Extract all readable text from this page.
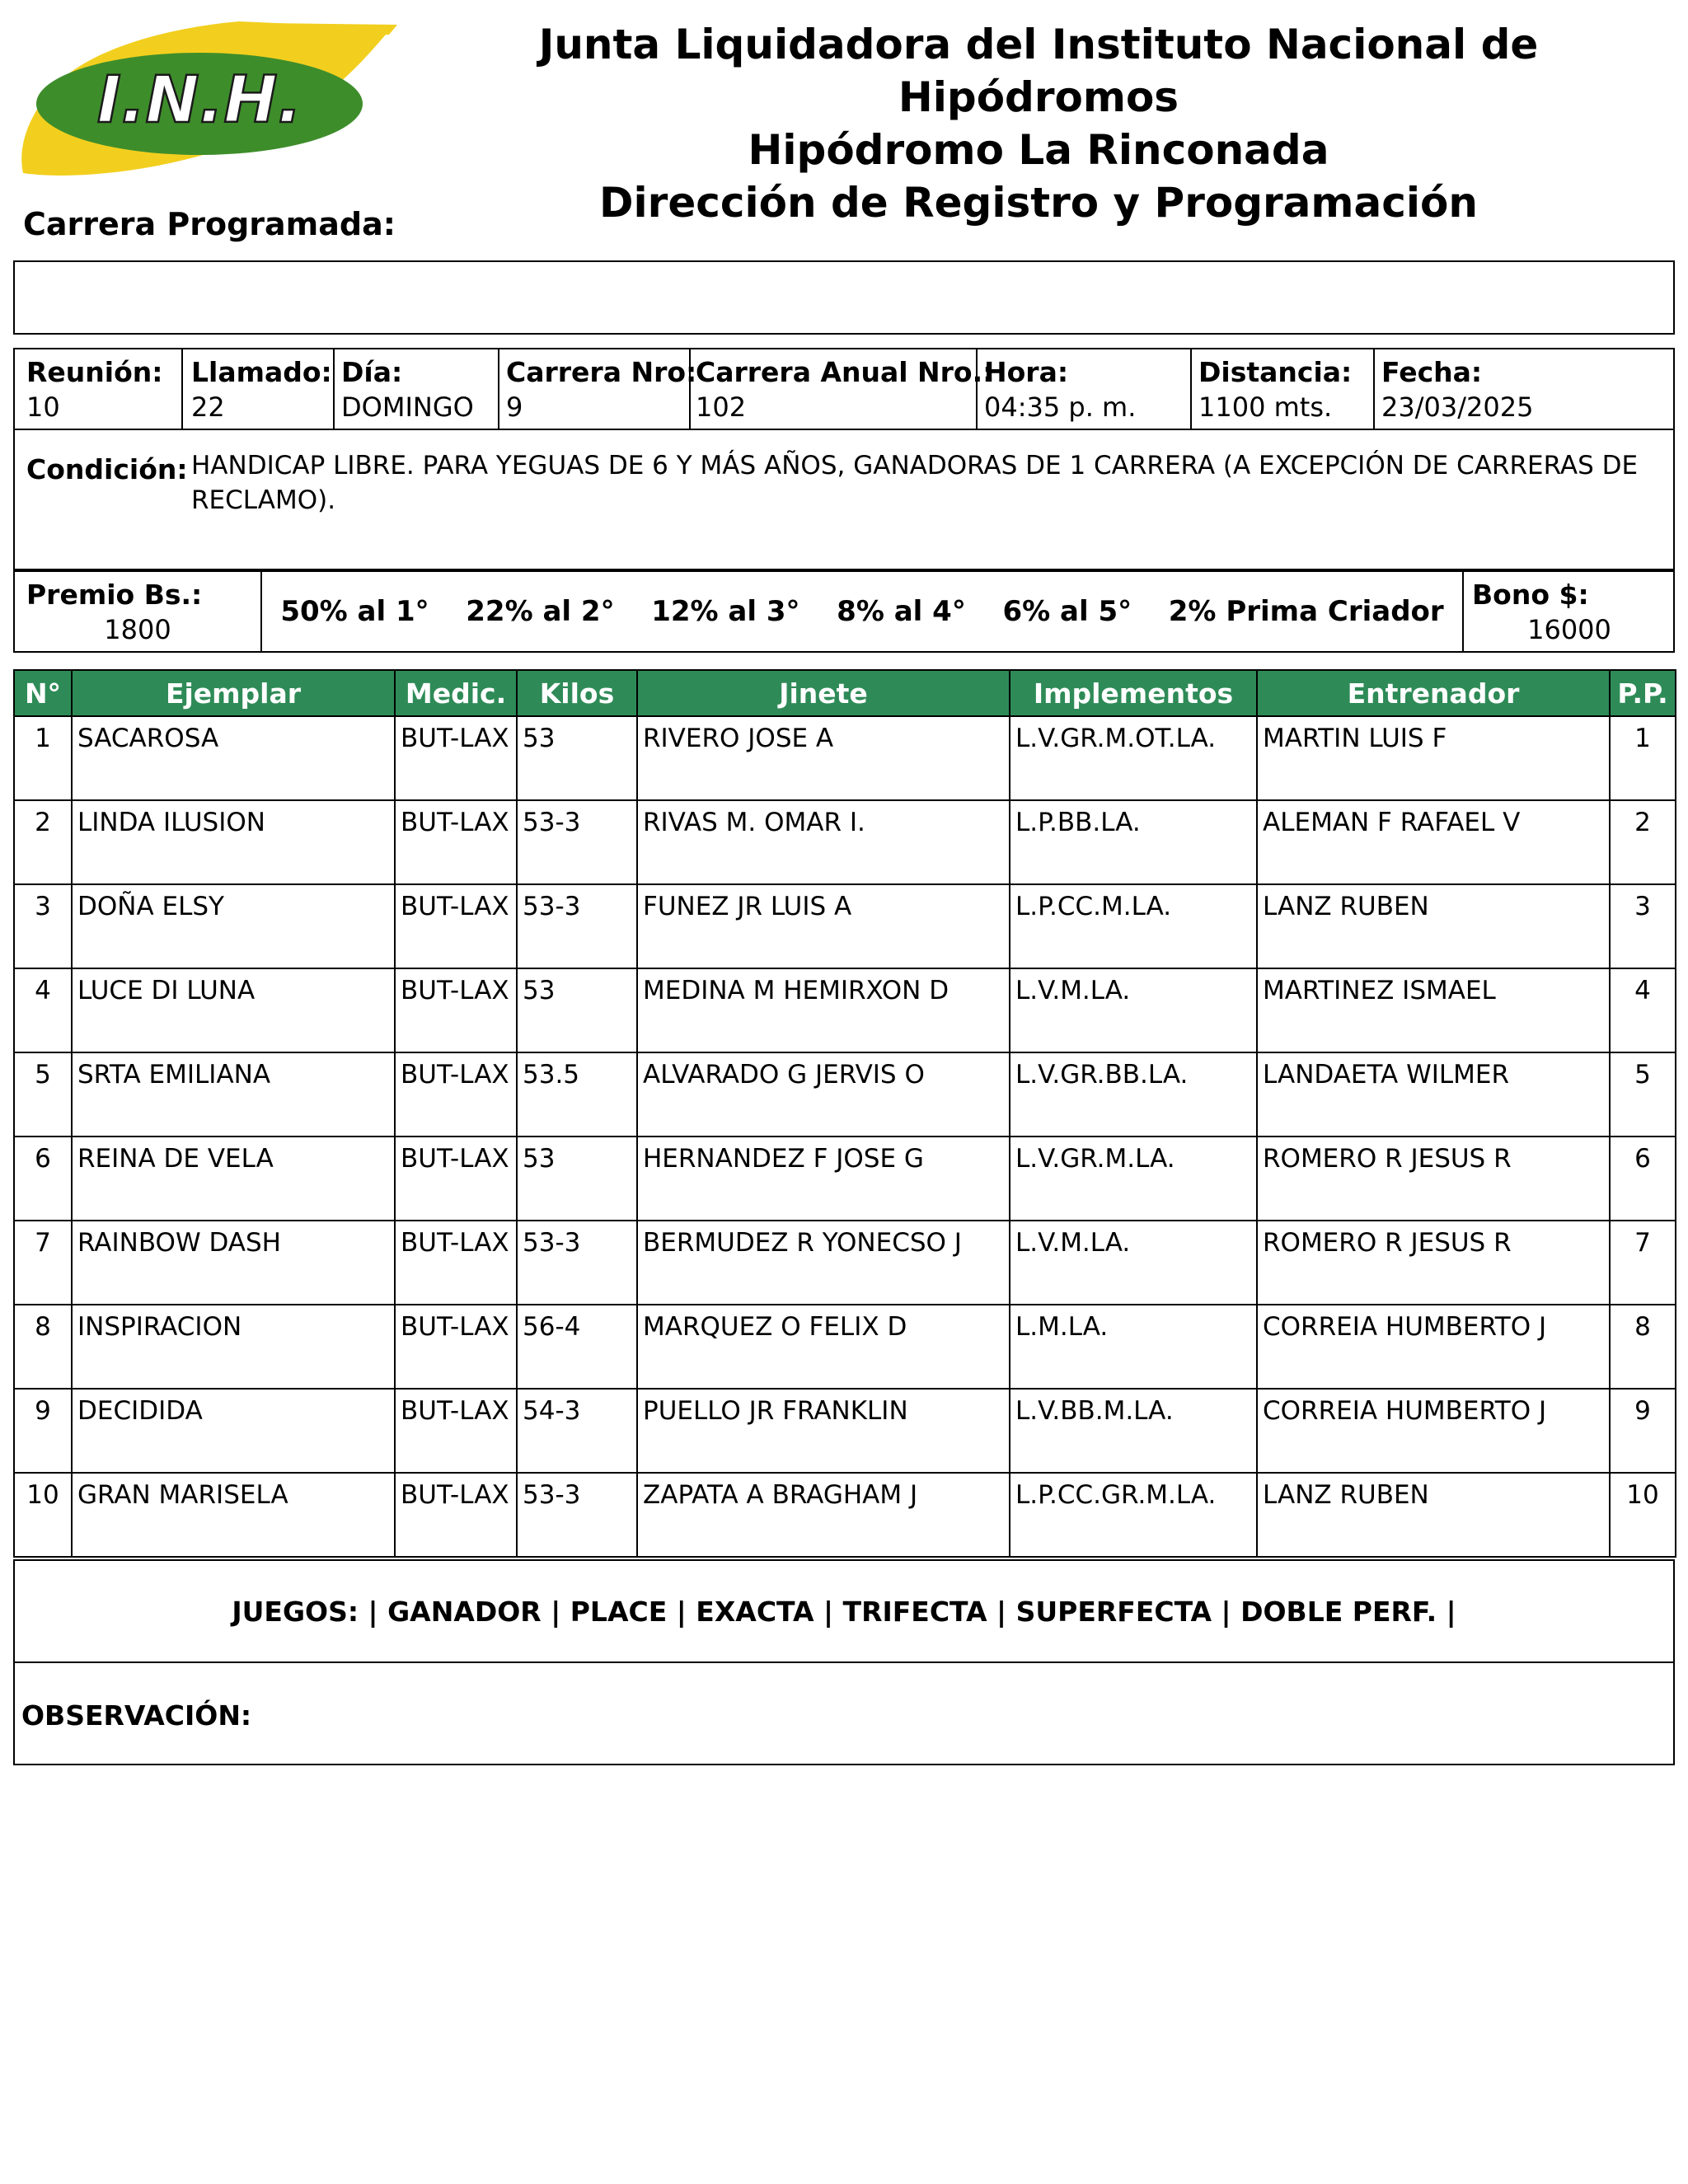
I.N.H.
Junta Liquidadora del Instituto Nacional de Hipódromos
Hipódromo La Rinconada
Dirección de Registro y Programación
Carrera Programada:
Reunión:
10
Llamado:
22
Día:
DOMINGO
Carrera Nro:
9
Carrera Anual Nro.:
102
Hora:
04:35 p. m.
Distancia:
1100 mts.
Fecha:
23/03/2025
Condición: HANDICAP LIBRE. PARA YEGUAS DE 6 Y MÁS AÑOS, GANADORAS DE 1 CARRERA (A EXCEPCIÓN DE CARRERAS DE RECLAMO).
Premio Bs.:
1800
50% al 1° 22% al 2° 12% al 3° 8% al 4° 6% al 5° 2% Prima Criador
Bono $:
16000
N°	Ejemplar	Medic.	Kilos	Jinete	Implementos	Entrenador	P.P.
1	SACAROSA	BUT-LAX	53	RIVERO JOSE A	L.V.GR.M.OT.LA.	MARTIN LUIS F	1
2	LINDA ILUSION	BUT-LAX	53-3	RIVAS M. OMAR I.	L.P.BB.LA.	ALEMAN F RAFAEL V	2
3	DOÑA ELSY	BUT-LAX	53-3	FUNEZ JR LUIS A	L.P.CC.M.LA.	LANZ RUBEN	3
4	LUCE DI LUNA	BUT-LAX	53	MEDINA M HEMIRXON D	L.V.M.LA.	MARTINEZ ISMAEL	4
5	SRTA EMILIANA	BUT-LAX	53.5	ALVARADO G JERVIS O	L.V.GR.BB.LA.	LANDAETA WILMER	5
6	REINA DE VELA	BUT-LAX	53	HERNANDEZ F JOSE G	L.V.GR.M.LA.	ROMERO R JESUS R	6
7	RAINBOW DASH	BUT-LAX	53-3	BERMUDEZ R YONECSO J	L.V.M.LA.	ROMERO R JESUS R	7
8	INSPIRACION	BUT-LAX	56-4	MARQUEZ O FELIX D	L.M.LA.	CORREIA HUMBERTO J	8
9	DECIDIDA	BUT-LAX	54-3	PUELLO JR FRANKLIN	L.V.BB.M.LA.	CORREIA HUMBERTO J	9
10	GRAN MARISELA	BUT-LAX	53-3	ZAPATA A BRAGHAM J	L.P.CC.GR.M.LA.	LANZ RUBEN	10
JUEGOS: | GANADOR | PLACE | EXACTA | TRIFECTA | SUPERFECTA | DOBLE PERF. |
OBSERVACIÓN:
